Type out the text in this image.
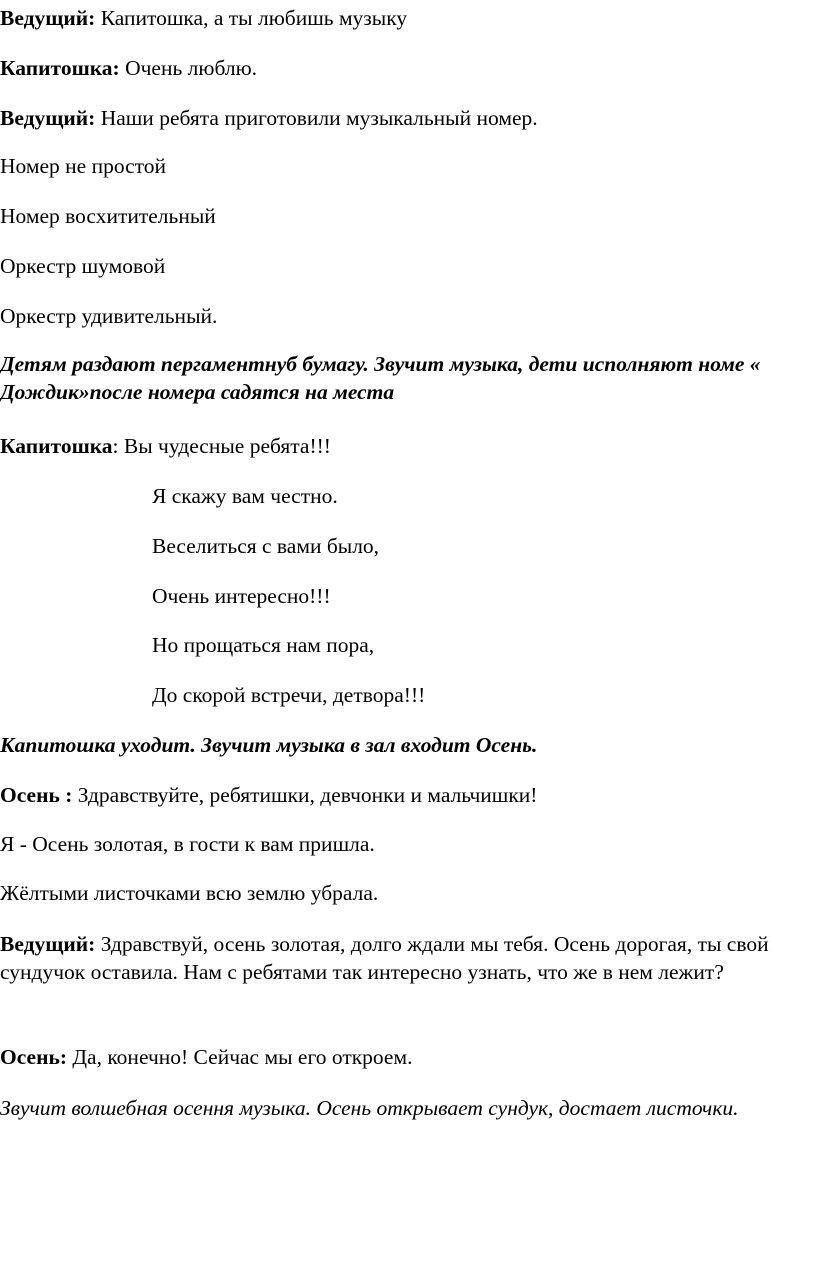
Ведущий: Капитошка, а ты любишь музыку
Капитошка: Очень люблю.
Ведущий: Наши ребята приготовили музыкальный номер.
Номер не простой
Номер восхитительный
Оркестр шумовой
Оркестр удивительный.
Детям раздают пергаментнуб бумагу. Звучит музыка, дети исполняют номе « Дождик»после номера садятся на места
Капитошка: Вы чудесные ребята!!!
Я скажу вам честно.
Веселиться с вами было,
Очень интересно!!!
Но прощаться нам пора,
До скорой встречи, детвора!!!
Капитошка уходит. Звучит музыка в зал входит Осень.
Осень : Здравствуйте, ребятишки, девчонки и мальчишки!
Я - Осень золотая, в гости к вам пришла.
Жёлтыми листочками всю землю убрала.
Ведущий: Здравствуй, осень золотая, долго ждали мы тебя. Осень дорогая, ты свой сундучок оставила. Нам с ребятами так интересно узнать, что же в нем лежит?
Осень: Да, конечно! Сейчас мы его откроем.
Звучит волшебная осення музыка. Осень открывает сундук, достает листочки.
